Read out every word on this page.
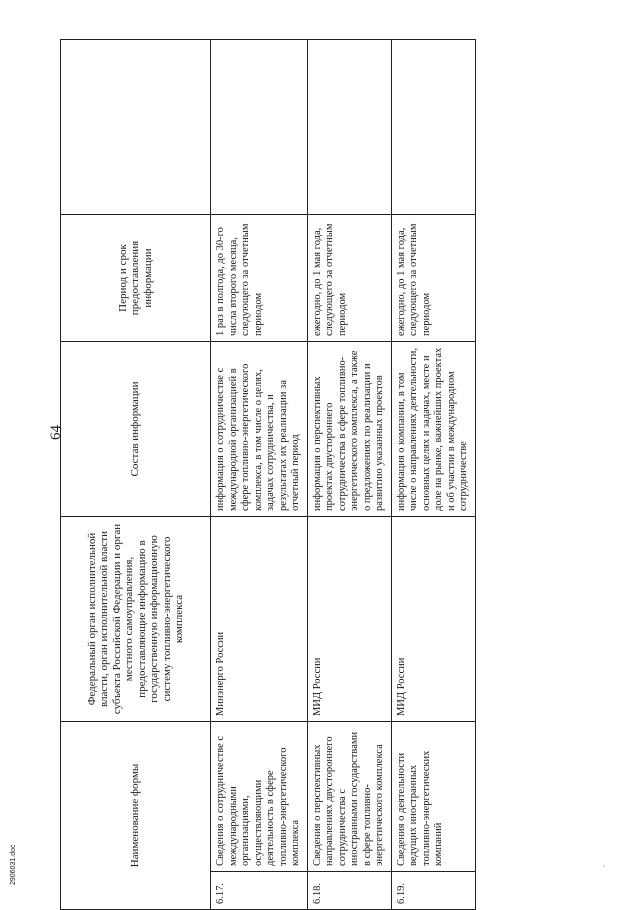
64
Наименование формы		Федеральный орган исполнительной власти, орган исполнительной власти субъекта Российской Федерации и орган местного самоуправления, предоставляющие информацию в государственную информационную систему топливно-энергетического комплекса	Состав информации	Период и срок предоставления информации	
6.17.	Сведения о сотрудничестве с международными организациями, осуществляющими деятельность в сфере топливно-энергетического комплекса	Минэнерго России	информация о сотрудничестве с международной организацией в сфере топливно-энергетического комплекса, в том числе о целях, задачах сотрудничества, и результатах их реализации за отчетный период	1 раз в полгода, до 30-го числа второго месяца, следующего за отчетным периодом	
6.18.	Сведения о перспективных направлениях двустороннего сотрудничества с иностранными государствами в сфере топливно-энергетического комплекса	МИД России	информация о перспективных проектах двустороннего сотрудничества в сфере топливно-энергетического комплекса, а также о предложениях по реализации и развитию указанных проектов	ежегодно, до 1 мая года, следующего за отчетным периодом	
6.19.	Сведения о деятельности ведущих иностранных топливно-энергетических компаний	МИД России	информация о компании, в том числе о направлениях деятельности, основных целях и задачах, месте и доле на рынке, важнейших проектах и об участии в международном сотрудничестве	ежегодно, до 1 мая года, следующего за отчетным периодом	
2906031.doc	·
